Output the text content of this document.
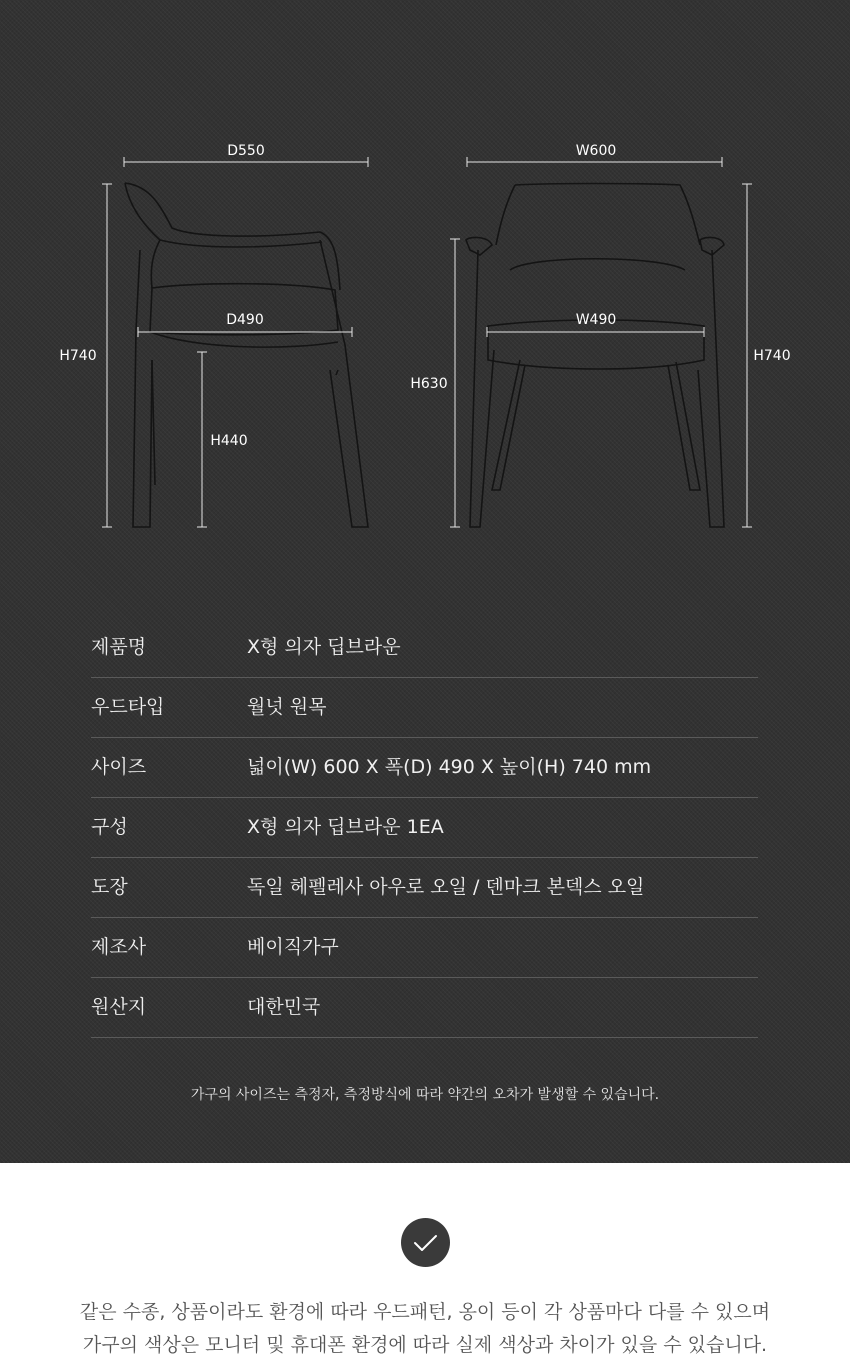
D550
D490
H740
H440
W600
W490
H630
H740
제품명	X형 의자 딥브라운
우드타입	월넛 원목
사이즈	넓이(W) 600 X 폭(D) 490 X 높이(H) 740 mm
구성	X형 의자 딥브라운 1EA
도장	독일 헤펠레사 아우로 오일 / 덴마크 본덱스 오일
제조사	베이직가구
원산지	대한민국
가구의 사이즈는 측정자, 측정방식에 따라 약간의 오차가 발생할 수 있습니다.
같은 수종, 상품이라도 환경에 따라 우드패턴, 옹이 등이 각 상품마다 다를 수 있으며
가구의 색상은 모니터 및 휴대폰 환경에 따라 실제 색상과 차이가 있을 수 있습니다.
